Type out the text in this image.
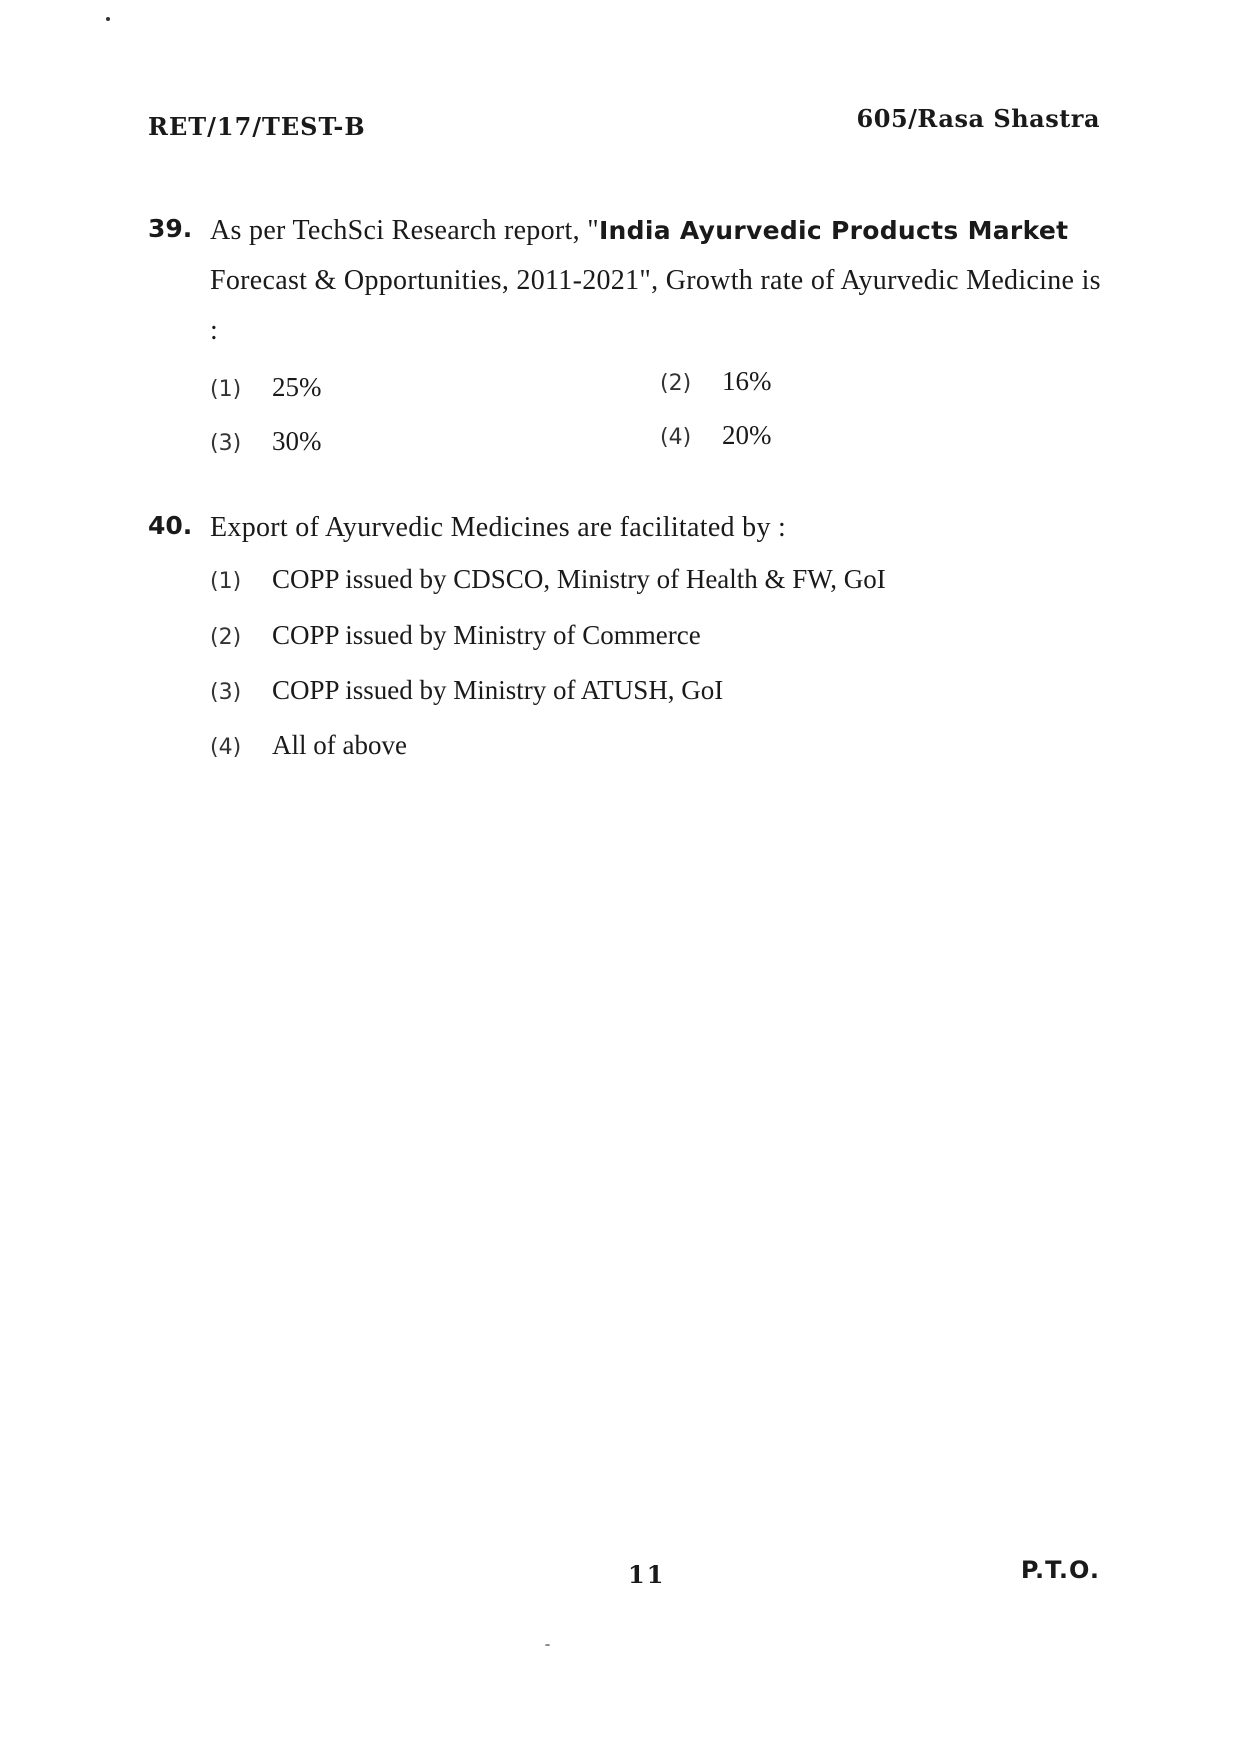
RET/17/TEST-B	605/Rasa Shastra
39. As per TechSci Research report, "India Ayurvedic Products Market Forecast & Opportunities, 2011-2021", Growth rate of Ayurvedic Medicine is :
(1) 25%	(2) 16%
(3) 30%	(4) 20%
40. Export of Ayurvedic Medicines are facilitated by :
(1) COPP issued by CDSCO, Ministry of Health & FW, GoI
(2) COPP issued by Ministry of Commerce
(3) COPP issued by Ministry of ATUSH, GoI
(4) All of above
11	P.T.O.
